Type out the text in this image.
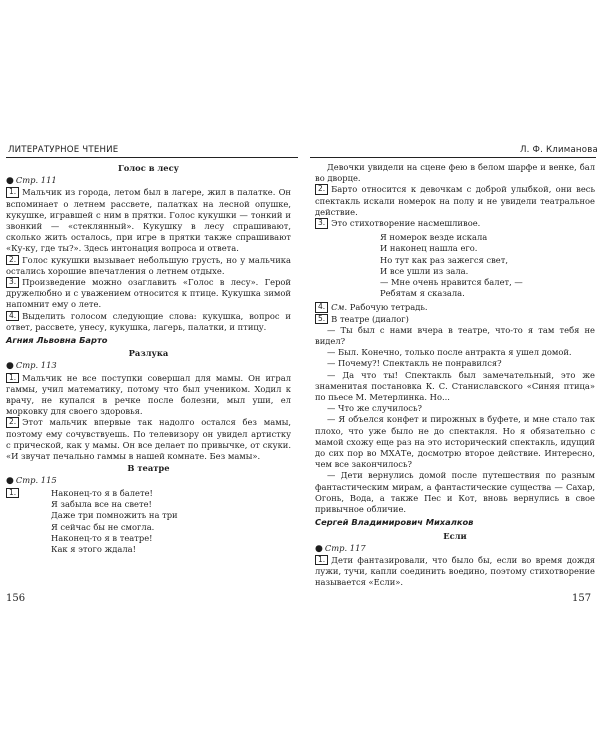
ЛИТЕРАТУРНОЕ ЧТЕНИЕ
Голос в лесу

● Стр. 111

1. Мальчик из города, летом был в лагере, жил в палатке. Он вспоминает о летнем рассвете, палатках на лесной опушке, кукушке, игравшей с ним в прятки. Голос кукушки — тонкий и звонкий — «стеклянный». Кукушку в лесу спрашивают, сколько жить осталось, при игре в прятки также спрашивают «Ку-ку, где ты?». Здесь интонация вопроса и ответа.

2. Голос кукушки вызывает небольшую грусть, но у мальчика остались хорошие впечатления о летнем отдыхе.

3. Произведение можно озаглавить «Голос в лесу». Герой дружелюбно и с уважением относится к птице. Кукушка зимой напомнит ему о лете.

4. Выделить голосом следующие слова: кукушка, вопрос и ответ, рассвете, унесу, кукушка, лагерь, палатки, и птицу.

Агния Львовна Барто
Разлука

● Стр. 113

1. Мальчик не все поступки совершал для мамы. Он играл гаммы, учил математику, потому что был учеником. Ходил к врачу, не купался в речке после болезни, мыл уши, ел морковку для своего здоровья.

2. Этот мальчик впервые так надолго остался без мамы, поэтому ему сочувствуешь. По телевизору он увидел артистку с прической, как у мамы. Он все делает по привычке, от скуки. «И звучат печально гаммы в нашей комнате. Без мамы».

В театре

● Стр. 115

1.	Наконец-то я в балете!
Я забыла все на свете!
Даже три помножить на три
Я сейчас бы не смогла.
Наконец-то я в театре!
Как я этого ждала!
156
Л. Ф. Климанова

Девочки увидели на сцене фею в белом шарфе и венке, бал во дворце.

2. Барто относится к девочкам с доброй улыбкой, они весь спектакль искали номерок на полу и не увидели театральное действие.

3. Это стихотворение насмешливое.

Я номерок везде искала
И наконец нашла его.
Но тут как раз зажегся свет,
И все ушли из зала.
— Мне очень нравится балет, —
Ребятам я сказала.

4. См. Рабочую тетрадь.

5. В театре (диалог)

— Ты был с нами вчера в театре, что-то я там тебя не видел?

— Был. Конечно, только после антракта я ушел домой.

— Почему?! Спектакль не понравился?

— Да что ты! Спектакль был замечательный, это же знаменитая постановка К. С. Станиславского «Синяя птица» по пьесе М. Метерлинка. Но...

— Что же случилось?

— Я объелся конфет и пирожных в буфете, и мне стало так плохо, что уже было не до спектакля. Но я обязательно с мамой схожу еще раз на это исторический спектакль, идущий до сих пор во МХАТе, досмотрю второе действие. Интересно, чем все закончилось?

— Дети вернулись домой после путешествия по разным фантастическим мирам, а фантастические существа — Сахар, Огонь, Вода, а также Пес и Кот, вновь вернулись в свое привычное обличие.

Сергей Владимирович Михалков
Если

● Стр. 117

1. Дети фантазировали, что было бы, если во время дождя лужи, тучи, капли соединить воедино, поэтому стихотворение называется «Если».

157
